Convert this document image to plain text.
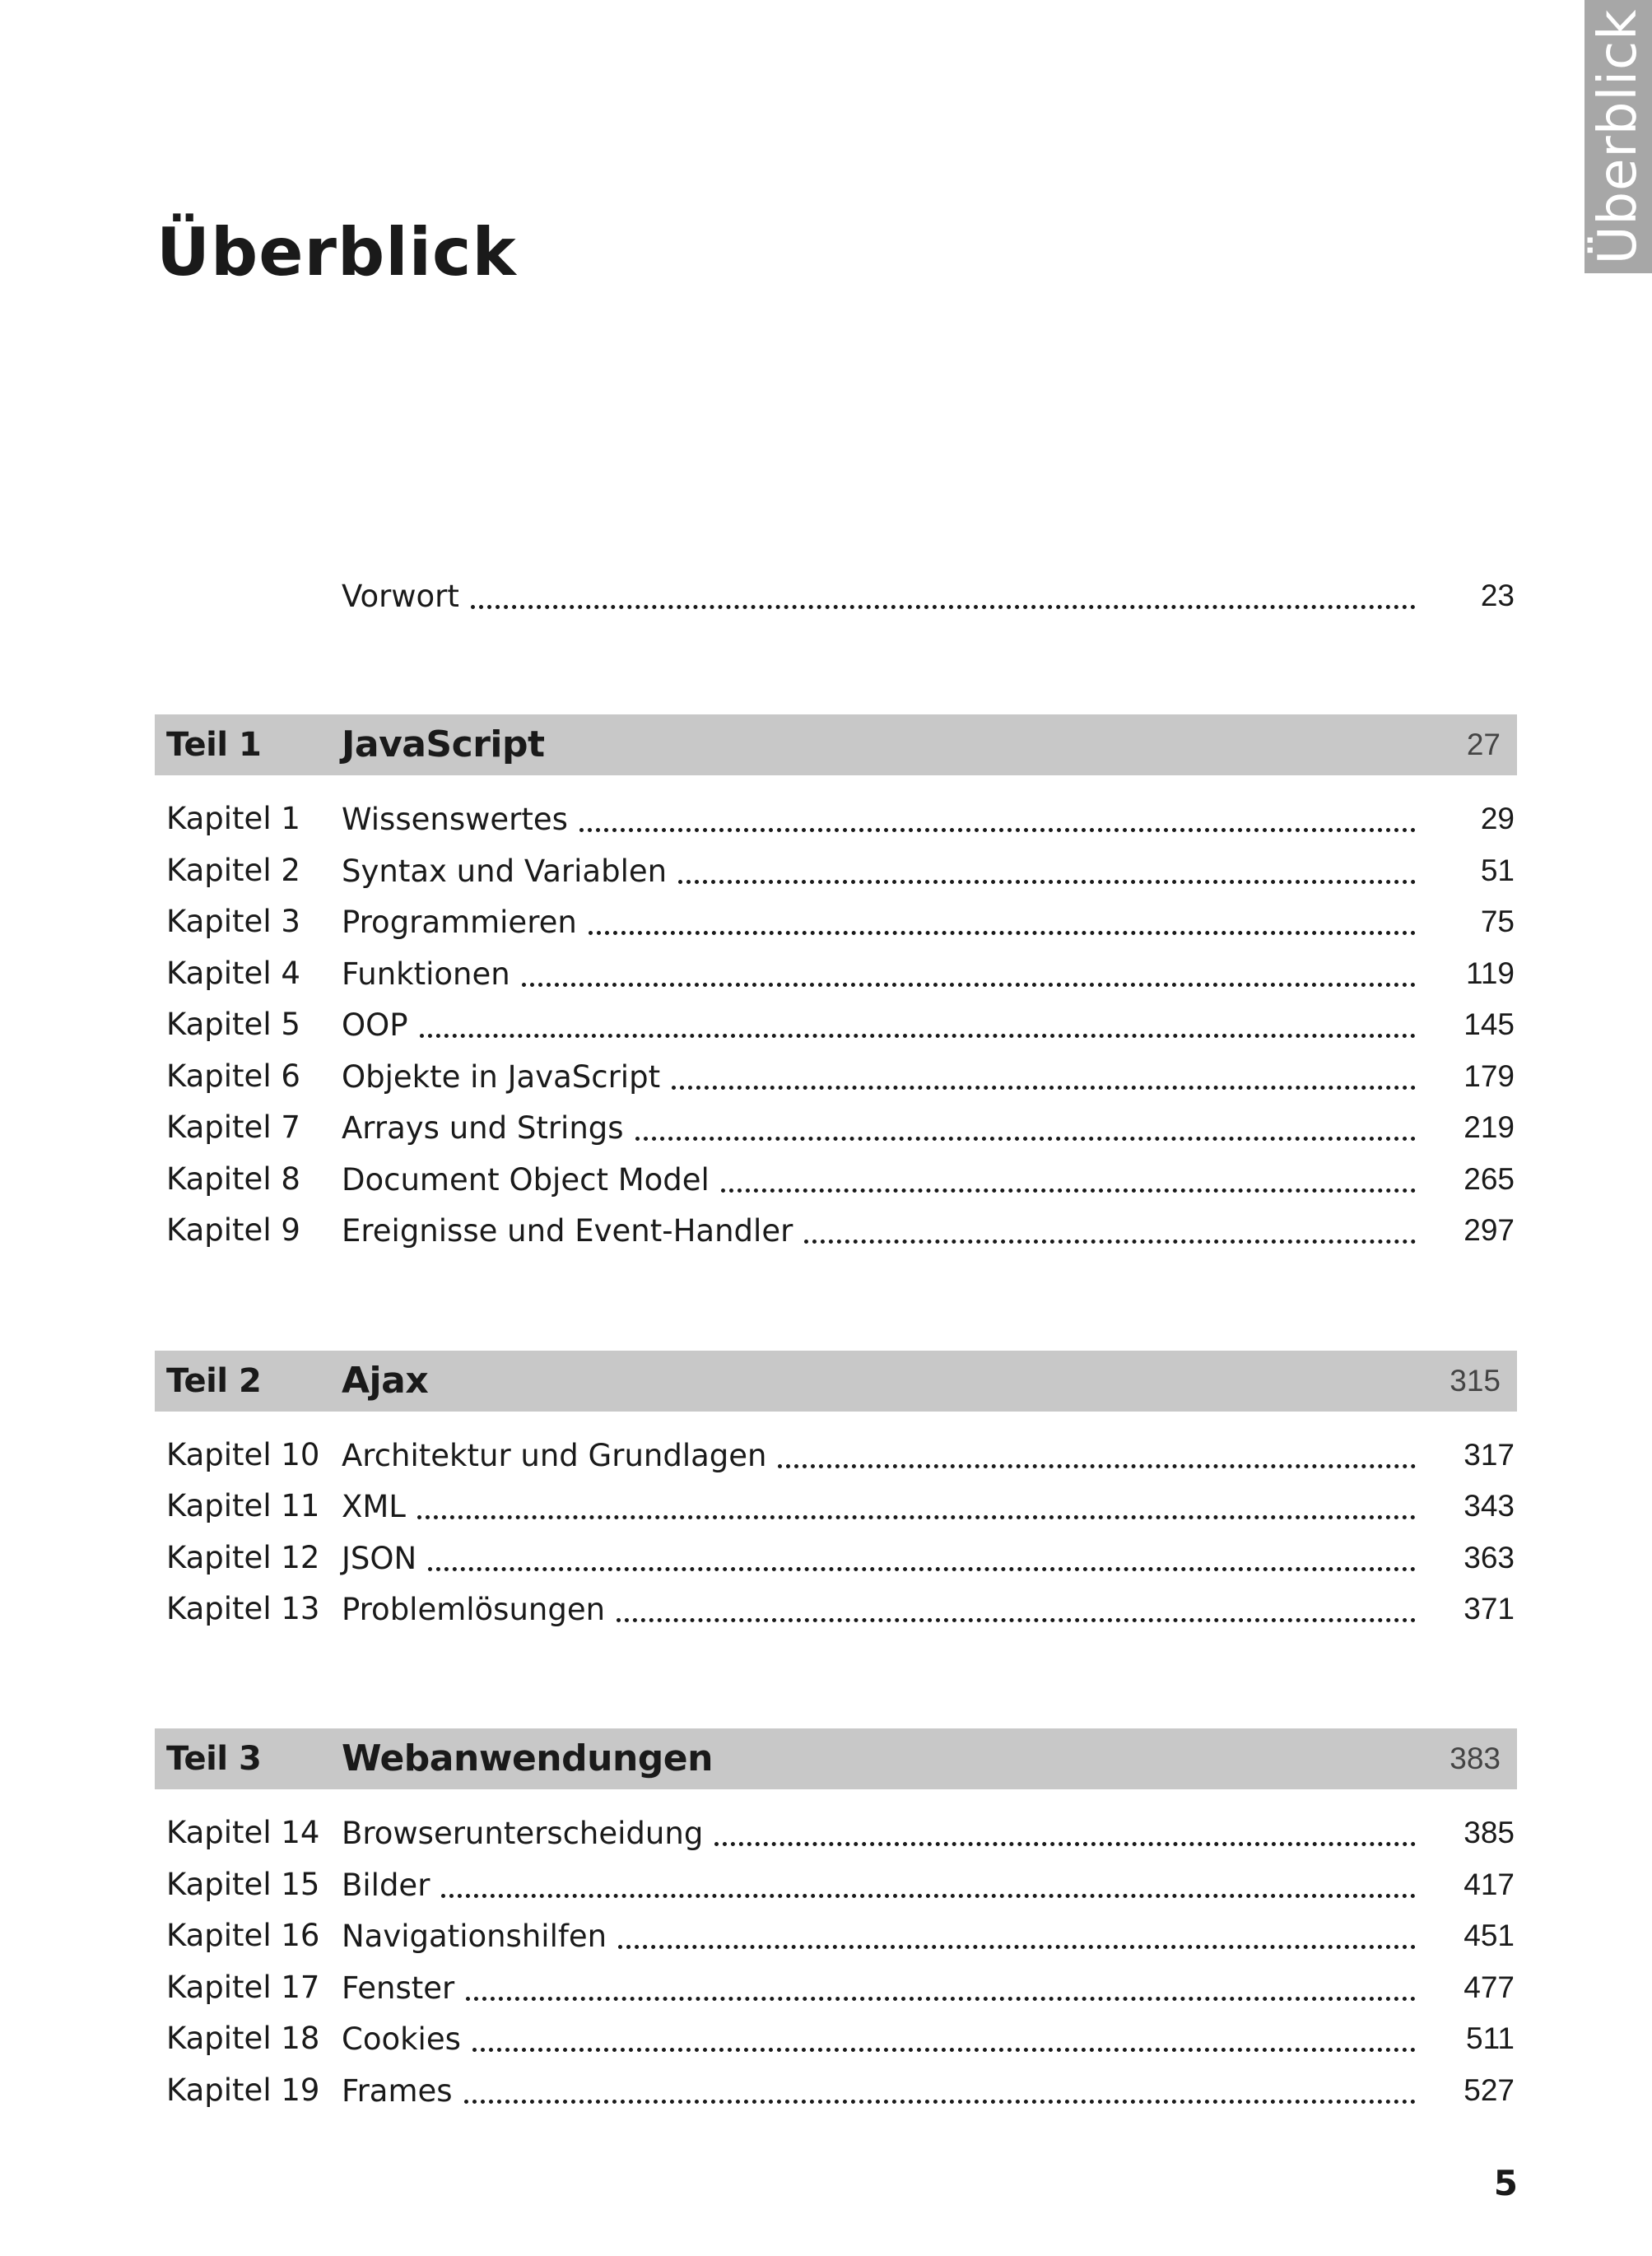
Überblick
Überblick
Vorwort	23
Teil 1 JavaScript	27
Kapitel 1 Wissenswertes	29
Kapitel 2 Syntax und Variablen	51
Kapitel 3 Programmieren	75
Kapitel 4 Funktionen	119
Kapitel 5 OOP	145
Kapitel 6 Objekte in JavaScript	179
Kapitel 7 Arrays und Strings	219
Kapitel 8 Document Object Model	265
Kapitel 9 Ereignisse und Event-Handler	297
Teil 2 Ajax	315
Kapitel 10 Architektur und Grundlagen	317
Kapitel 11 XML	343
Kapitel 12 JSON	363
Kapitel 13 Problemlösungen	371
Teil 3 Webanwendungen	383
Kapitel 14 Browserunterscheidung	385
Kapitel 15 Bilder	417
Kapitel 16 Navigationshilfen	451
Kapitel 17 Fenster	477
Kapitel 18 Cookies	511
Kapitel 19 Frames	527
5
